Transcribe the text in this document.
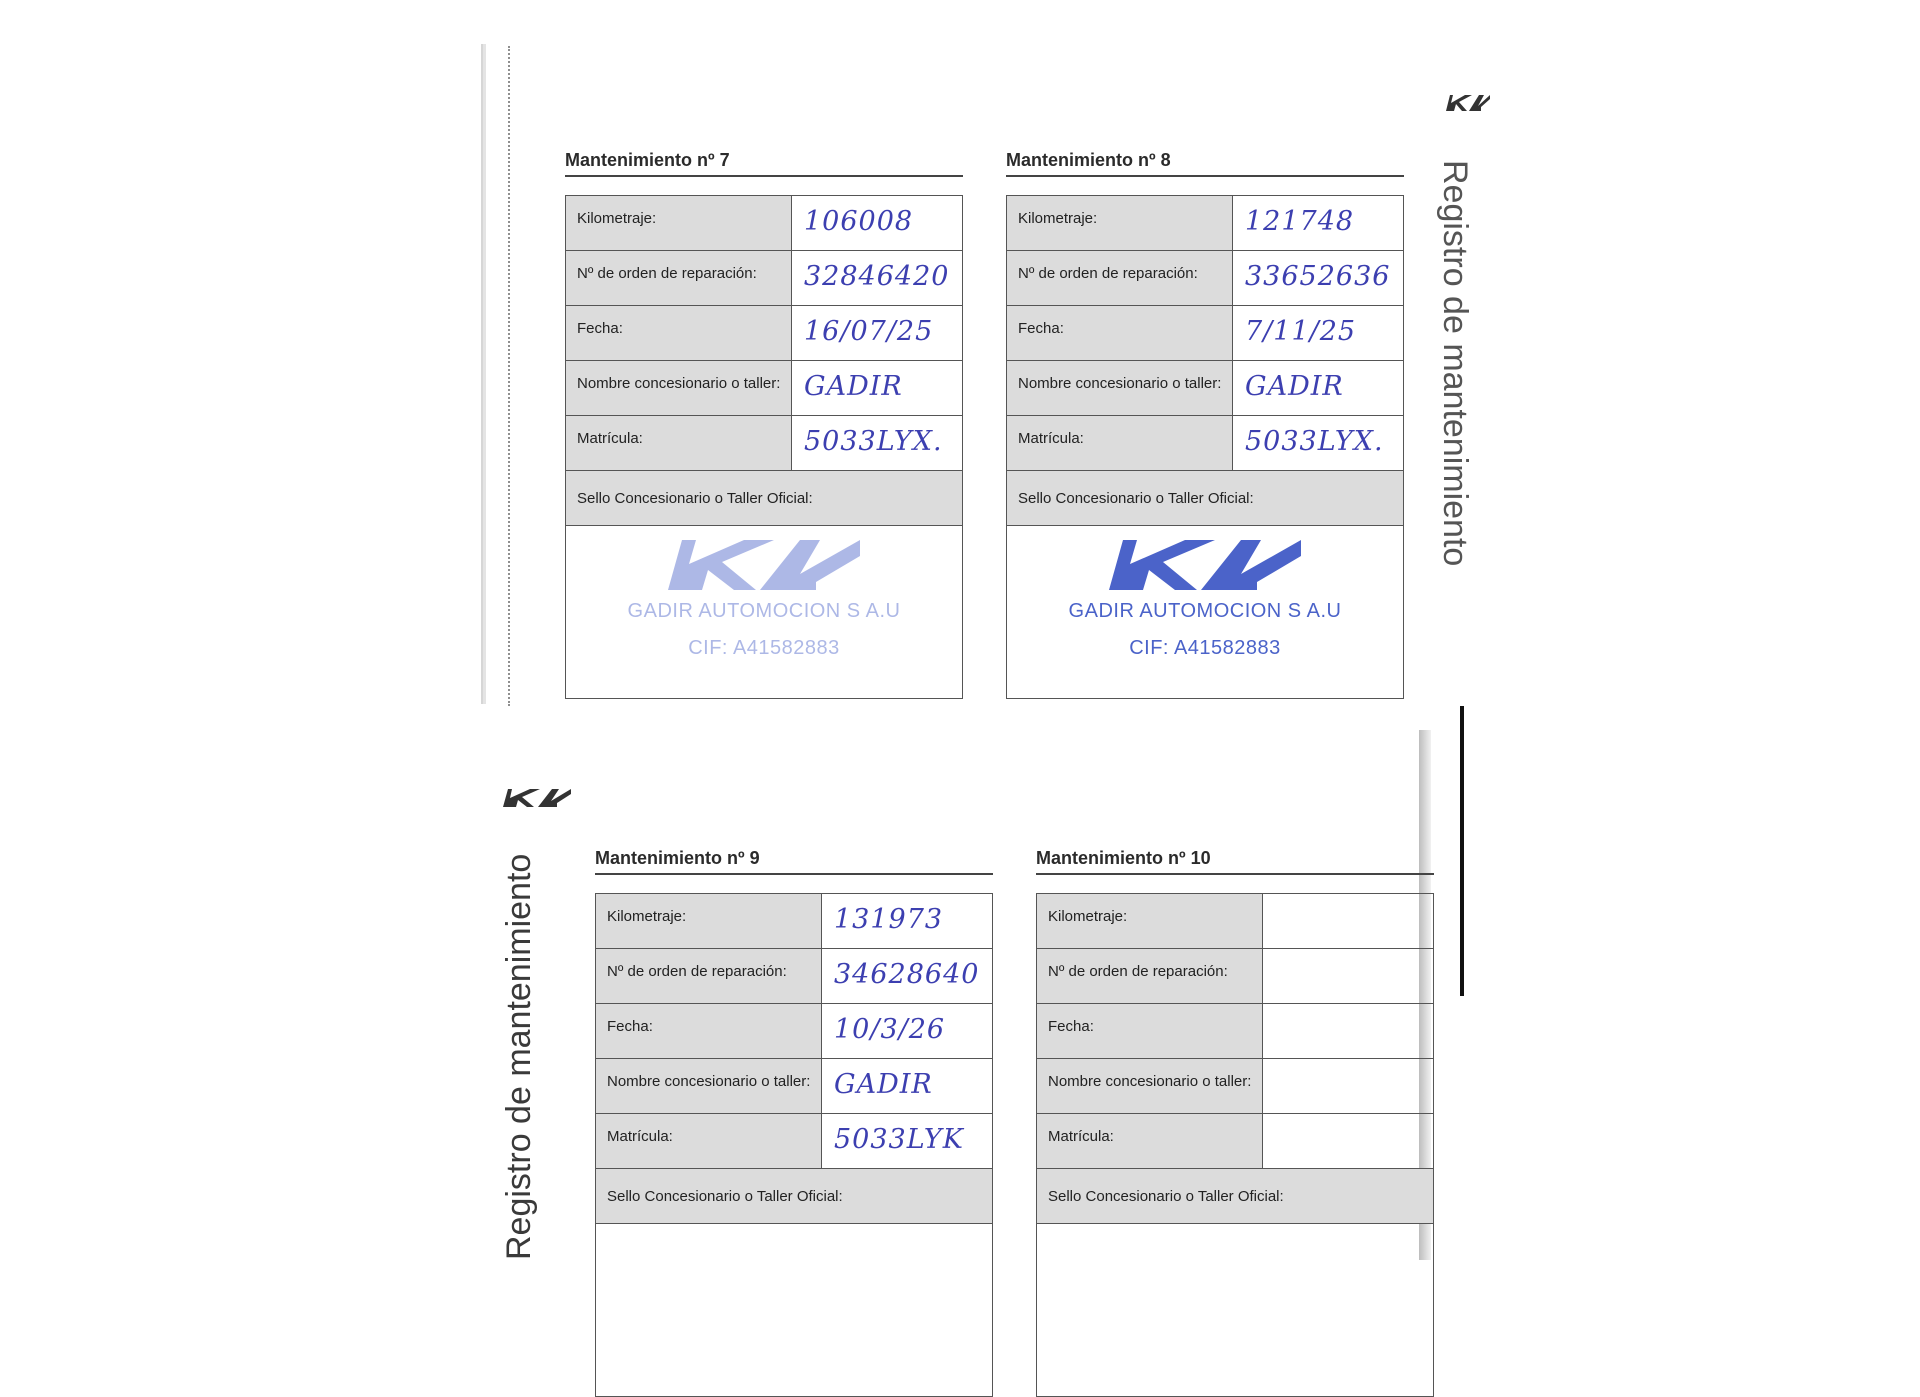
Registro de mantenimiento
Mantenimiento nº 7
Kilometraje:	106008
Nº de orden de reparación:	32846420
Fecha:	16/07/25
Nombre concesionario o taller: GADIR
Matrícula:	5033LYX.
Sello Concesionario o Taller Oficial:
GADIR AUTOMOCION S A.U
CIF: A41582883
Mantenimiento nº 8
Kilometraje:	121748
Nº de orden de reparación:	33652636
Fecha:	7/11/25
Nombre concesionario o taller: GADIR
Matrícula:	5033LYX.
Sello Concesionario o Taller Oficial:
GADIR AUTOMOCION S A.U
CIF: A41582883
Registro de mantenimiento	Mantenimiento nº 9
Kilometraje:	131973
Nº de orden de reparación:	34628640
Fecha:	10/3/26
Nombre concesionario o taller: GADIR
Matrícula:	5033LYK
Sello Concesionario o Taller Oficial:
Mantenimiento nº 10
Kilometraje:
Nº de orden de reparación:
Fecha:
Nombre concesionario o taller:
Matrícula:
Sello Concesionario o Taller Oficial:
